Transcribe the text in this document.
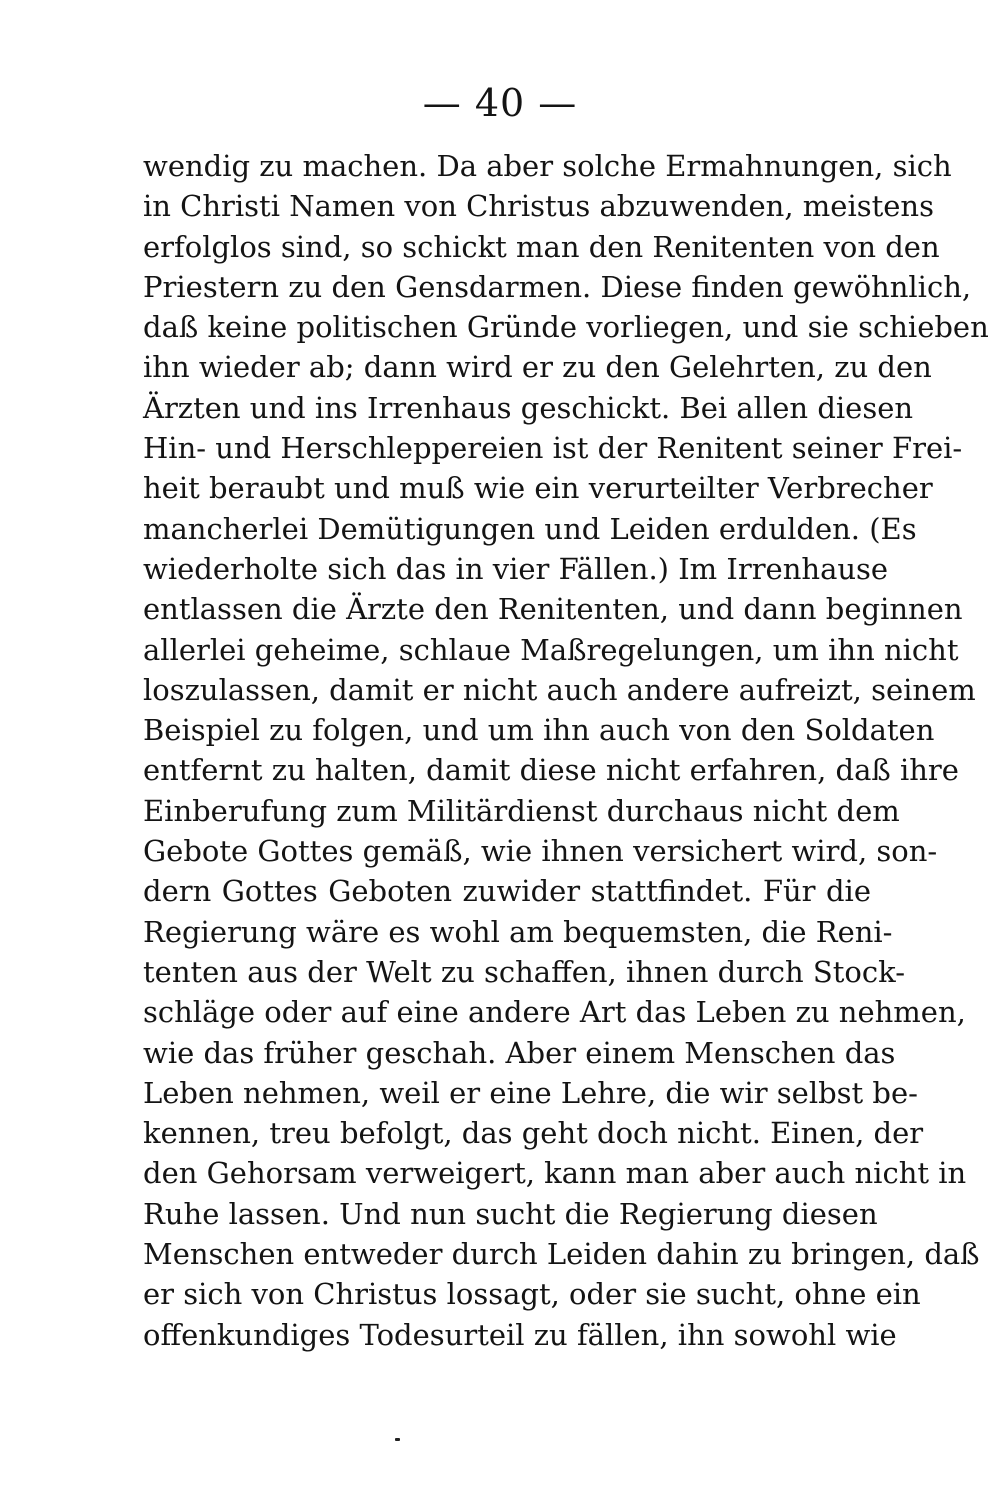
— 40 —
wendig zu machen. Da aber solche Ermahnungen, sich
in Christi Namen von Christus abzuwenden, meistens
erfolglos sind, so schickt man den Renitenten von den
Priestern zu den Gensdarmen. Diese finden gewöhnlich,
daß keine politischen Gründe vorliegen, und sie schieben
ihn wieder ab; dann wird er zu den Gelehrten, zu den
Ärzten und ins Irrenhaus geschickt. Bei allen diesen
Hin- und Herschleppereien ist der Renitent seiner Frei-
heit beraubt und muß wie ein verurteilter Verbrecher
mancherlei Demütigungen und Leiden erdulden. (Es
wiederholte sich das in vier Fällen.) Im Irrenhause
entlassen die Ärzte den Renitenten, und dann beginnen
allerlei geheime, schlaue Maßregelungen, um ihn nicht
loszulassen, damit er nicht auch andere aufreizt, seinem
Beispiel zu folgen, und um ihn auch von den Soldaten
entfernt zu halten, damit diese nicht erfahren, daß ihre
Einberufung zum Militärdienst durchaus nicht dem
Gebote Gottes gemäß, wie ihnen versichert wird, son-
dern Gottes Geboten zuwider stattfindet. Für die
Regierung wäre es wohl am bequemsten, die Reni-
tenten aus der Welt zu schaffen, ihnen durch Stock-
schläge oder auf eine andere Art das Leben zu nehmen,
wie das früher geschah. Aber einem Menschen das
Leben nehmen, weil er eine Lehre, die wir selbst be-
kennen, treu befolgt, das geht doch nicht. Einen, der
den Gehorsam verweigert, kann man aber auch nicht in
Ruhe lassen. Und nun sucht die Regierung diesen
Menschen entweder durch Leiden dahin zu bringen, daß
er sich von Christus lossagt, oder sie sucht, ohne ein
offenkundiges Todesurteil zu fällen, ihn sowohl wie
